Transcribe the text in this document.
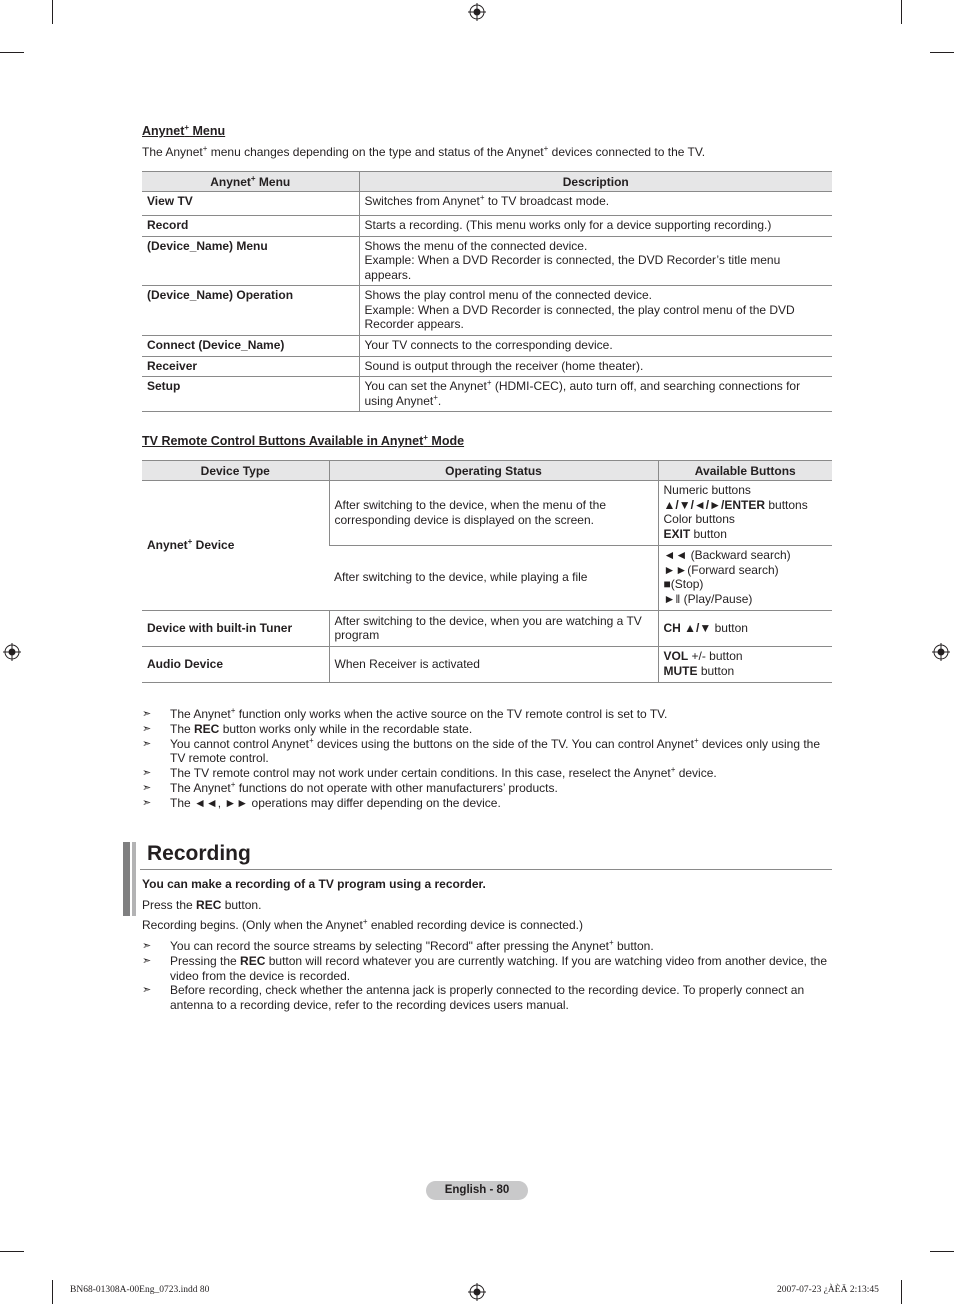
Anynet+ Menu
The Anynet+ menu changes depending on the type and status of the Anynet+ devices connected to the TV.
Anynet+ Menu	Description
View TV	Switches from Anynet+ to TV broadcast mode.
Record	Starts a recording. (This menu works only for a device supporting recording.)
(Device_Name) Menu	Shows the menu of the connected device.
Example: When a DVD Recorder is connected, the DVD Recorder’s title menu appears.

(Device_Name) Operation	Shows the play control menu of the connected device.
Example: When a DVD Recorder is connected, the play control menu of the DVD
Recorder appears.

Connect (Device_Name)	Your TV connects to the corresponding device.
Receiver	Sound is output through the receiver (home theater).
Setup	You can set the Anynet+ (HDMI-CEC), auto turn off, and searching connections for
using Anynet+.
TV Remote Control Buttons Available in Anynet+ Mode
Device Type	Operating Status	Available Buttons
Anynet+ Device	After switching to the device, when the menu of the corresponding device is displayed on the screen.	Numeric buttons
▲/▼/◄/►/ENTER buttons
Color buttons
EXIT button

	After switching to the device, while playing a file	◄◄ (Backward search)
►►(Forward search)
■(Stop)
►‖ (Play/Pause)

Device with built-in Tuner	After switching to the device, when you are watching a TV program	CH ▲/▼ button
Audio Device	When Receiver is activated	VOL +/- button
MUTE button
➣ The Anynet+ function only works when the active source on the TV remote control is set to TV.
➣ The REC button works only while in the recordable state.
➣ You cannot control Anynet+ devices using the buttons on the side of the TV. You can control Anynet+ devices only using the TV remote control.
➣ The TV remote control may not work under certain conditions. In this case, reselect the Anynet+ device.
➣ The Anynet+ functions do not operate with other manufacturers’ products.
➣ The ◄◄, ►► operations may differ depending on the device.
Recording
You can make a recording of a TV program using a recorder.
Press the REC button.
Recording begins. (Only when the Anynet+ enabled recording device is connected.)
➣ You can record the source streams by selecting "Record" after pressing the Anynet+ button.
➣ Pressing the REC button will record whatever you are currently watching. If you are watching video from another device, the video from the device is recorded.
➣ Before recording, check whether the antenna jack is properly connected to the recording device. To properly connect an antenna to a recording device, refer to the recording devices users manual.
English - 80
BN68-01308A-00Eng_0723.indd 80	2007-07-23 ¿ÀÈÄ 2:13:45
